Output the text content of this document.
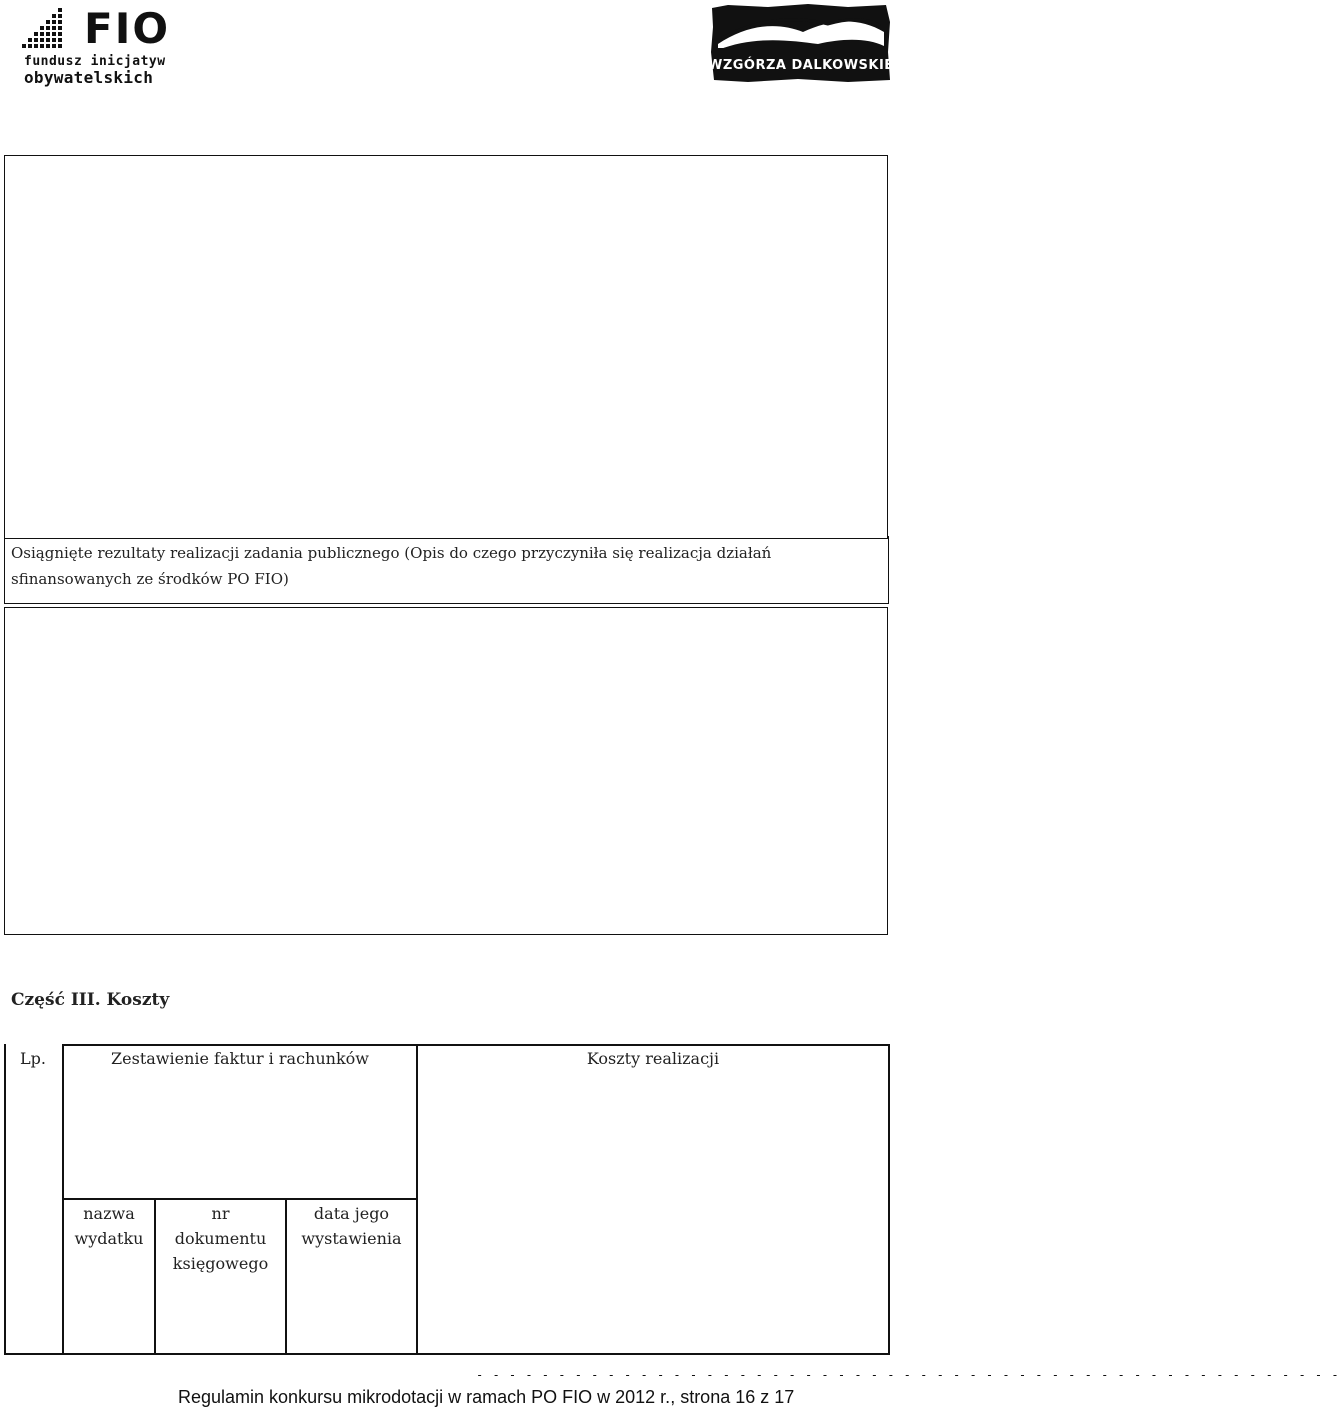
FIO
fundusz inicjatyw
obywatelskich
WZGÓRZA DALKOWSKIE
Osiągnięte rezultaty realizacji zadania publicznego (Opis do czego przyczyniła się realizacja działań sfinansowanych ze środków PO FIO)
Część III. Koszty
Lp.	Zestawienie faktur i rachunków	Koszty realizacji
nazwa
wydatku
nr
dokumentu
księgowego
data jego
wystawienia
- - - - - - - - - - - - - - - - - - - - - - - - - - - - - - - - - - - - - - - - - - - - - - - - - - - - -
Regulamin konkursu mikrodotacji w ramach PO FIO w 2012 r., strona 16 z 17
